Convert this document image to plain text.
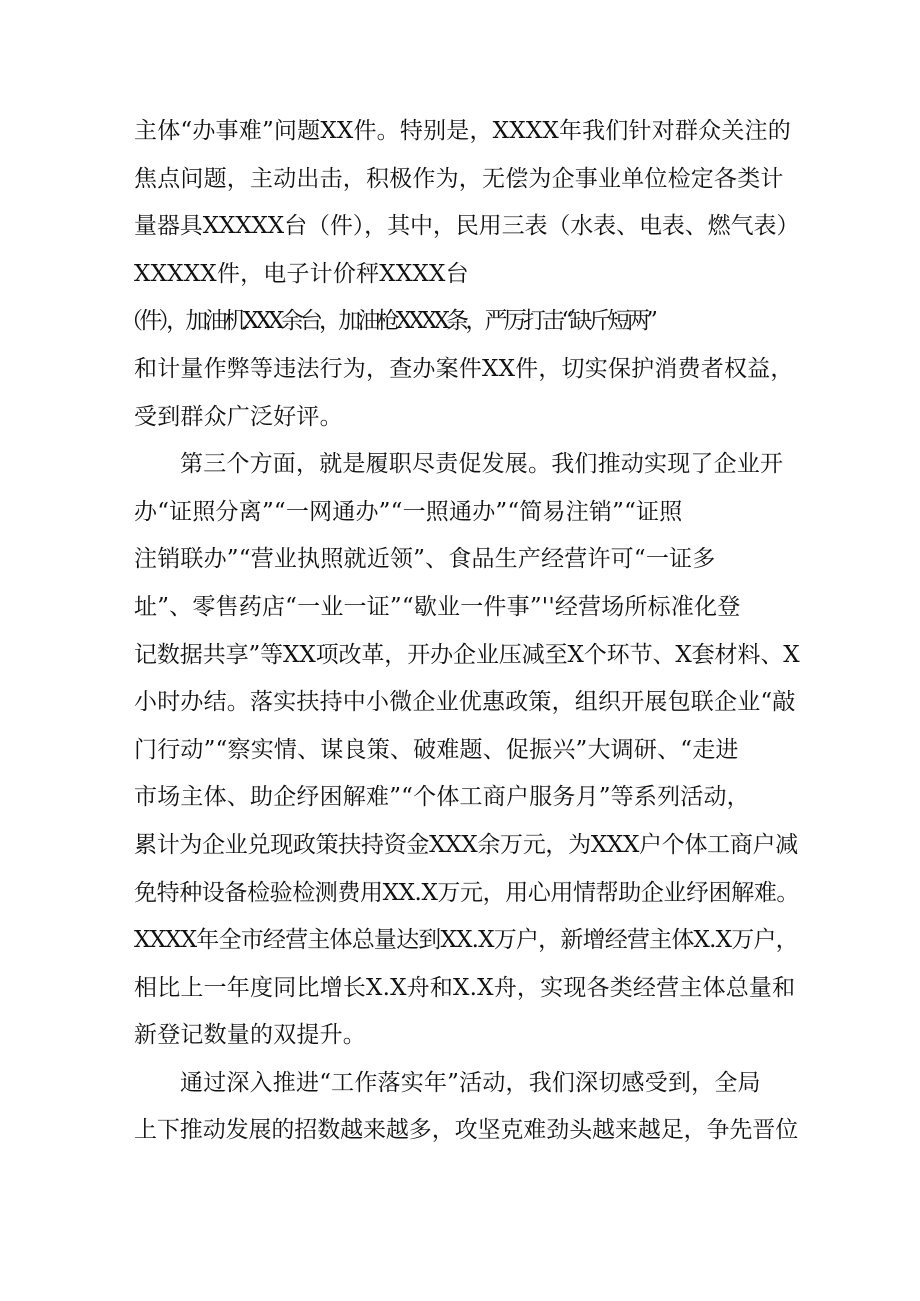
主体“办事难”问题XX件。特别是，XXXX年我们针对群众关注的
焦点问题，主动出击，积极作为，无偿为企事业单位检定各类计
量器具XXXXX台（件），其中，民用三表（水表、电表、燃气表）
XXXXX件，电子计价秤XXXX台
（件），加油机XXX余台，加油枪XXXX条，严厉打击“缺斤短两”
和计量作弊等违法行为，查办案件XX件，切实保护消费者权益，
受到群众广泛好评。
第三个方面，就是履职尽责促发展。我们推动实现了企业开
办“证照分离”“一网通办”“一照通办”“简易注销”“证照
注销联办”“营业执照就近领”、食品生产经营许可“一证多
址”、零售药店“一业一证”“歇业一件事”''经营场所标准化登
记数据共享”等XX项改革，开办企业压减至X个环节、X套材料、X
小时办结。落实扶持中小微企业优惠政策，组织开展包联企业“敲
门行动”“察实情、谋良策、破难题、促振兴”大调研、“走进
市场主体、助企纾困解难”“个体工商户服务月”等系列活动，
累计为企业兑现政策扶持资金XXX余万元，为XXX户个体工商户减
免特种设备检验检测费用XX.X万元，用心用情帮助企业纾困解难。
XXXX年全市经营主体总量达到XX.X万户，新增经营主体X.X万户，
相比上一年度同比增长X.X舟和X.X舟，实现各类经营主体总量和
新登记数量的双提升。
通过深入推进“工作落实年”活动，我们深切感受到，全局
上下推动发展的招数越来越多，攻坚克难劲头越来越足，争先晋位
